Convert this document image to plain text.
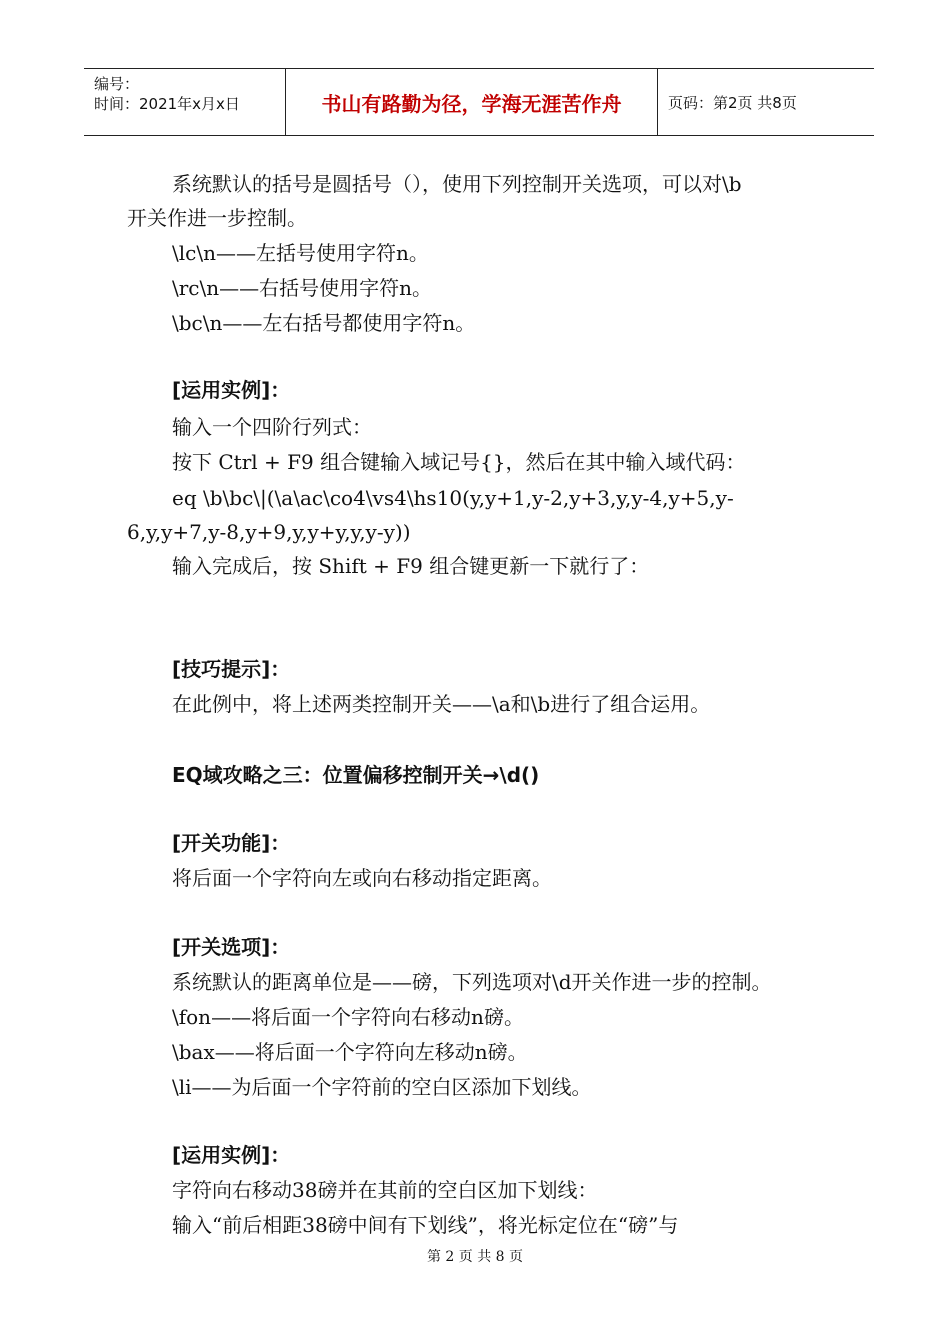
编号：
时间：2021年x月x日	书山有路勤为径，学海无涯苦作舟	页码：第2页 共8页
系统默认的括号是圆括号（），使用下列控制开关选项，可以对\b
开关作进一步控制。
\lc\n——左括号使用字符n。
\rc\n——右括号使用字符n。
\bc\n——左右括号都使用字符n。
[运用实例]：
输入一个四阶行列式：
按下 Ctrl + F9 组合键输入域记号{}，然后在其中输入域代码：
eq \b\bc\|(\a\ac\co4\vs4\hs10(y,y+1,y-2,y+3,y,y-4,y+5,y-
6,y,y+7,y-8,y+9,y,y+y,y,y-y))
输入完成后，按 Shift + F9 组合键更新一下就行了：
[技巧提示]：
在此例中，将上述两类控制开关——\a和\b进行了组合运用。
EQ域攻略之三：位置偏移控制开关→\d()
[开关功能]：
将后面一个字符向左或向右移动指定距离。
[开关选项]：
系统默认的距离单位是——磅，下列选项对\d开关作进一步的控制。
\fon——将后面一个字符向右移动n磅。
\bax——将后面一个字符向左移动n磅。
\li——为后面一个字符前的空白区添加下划线。
[运用实例]：
字符向右移动38磅并在其前的空白区加下划线：
输入“前后相距38磅中间有下划线”，将光标定位在“磅”与
第 2 页 共 8 页
